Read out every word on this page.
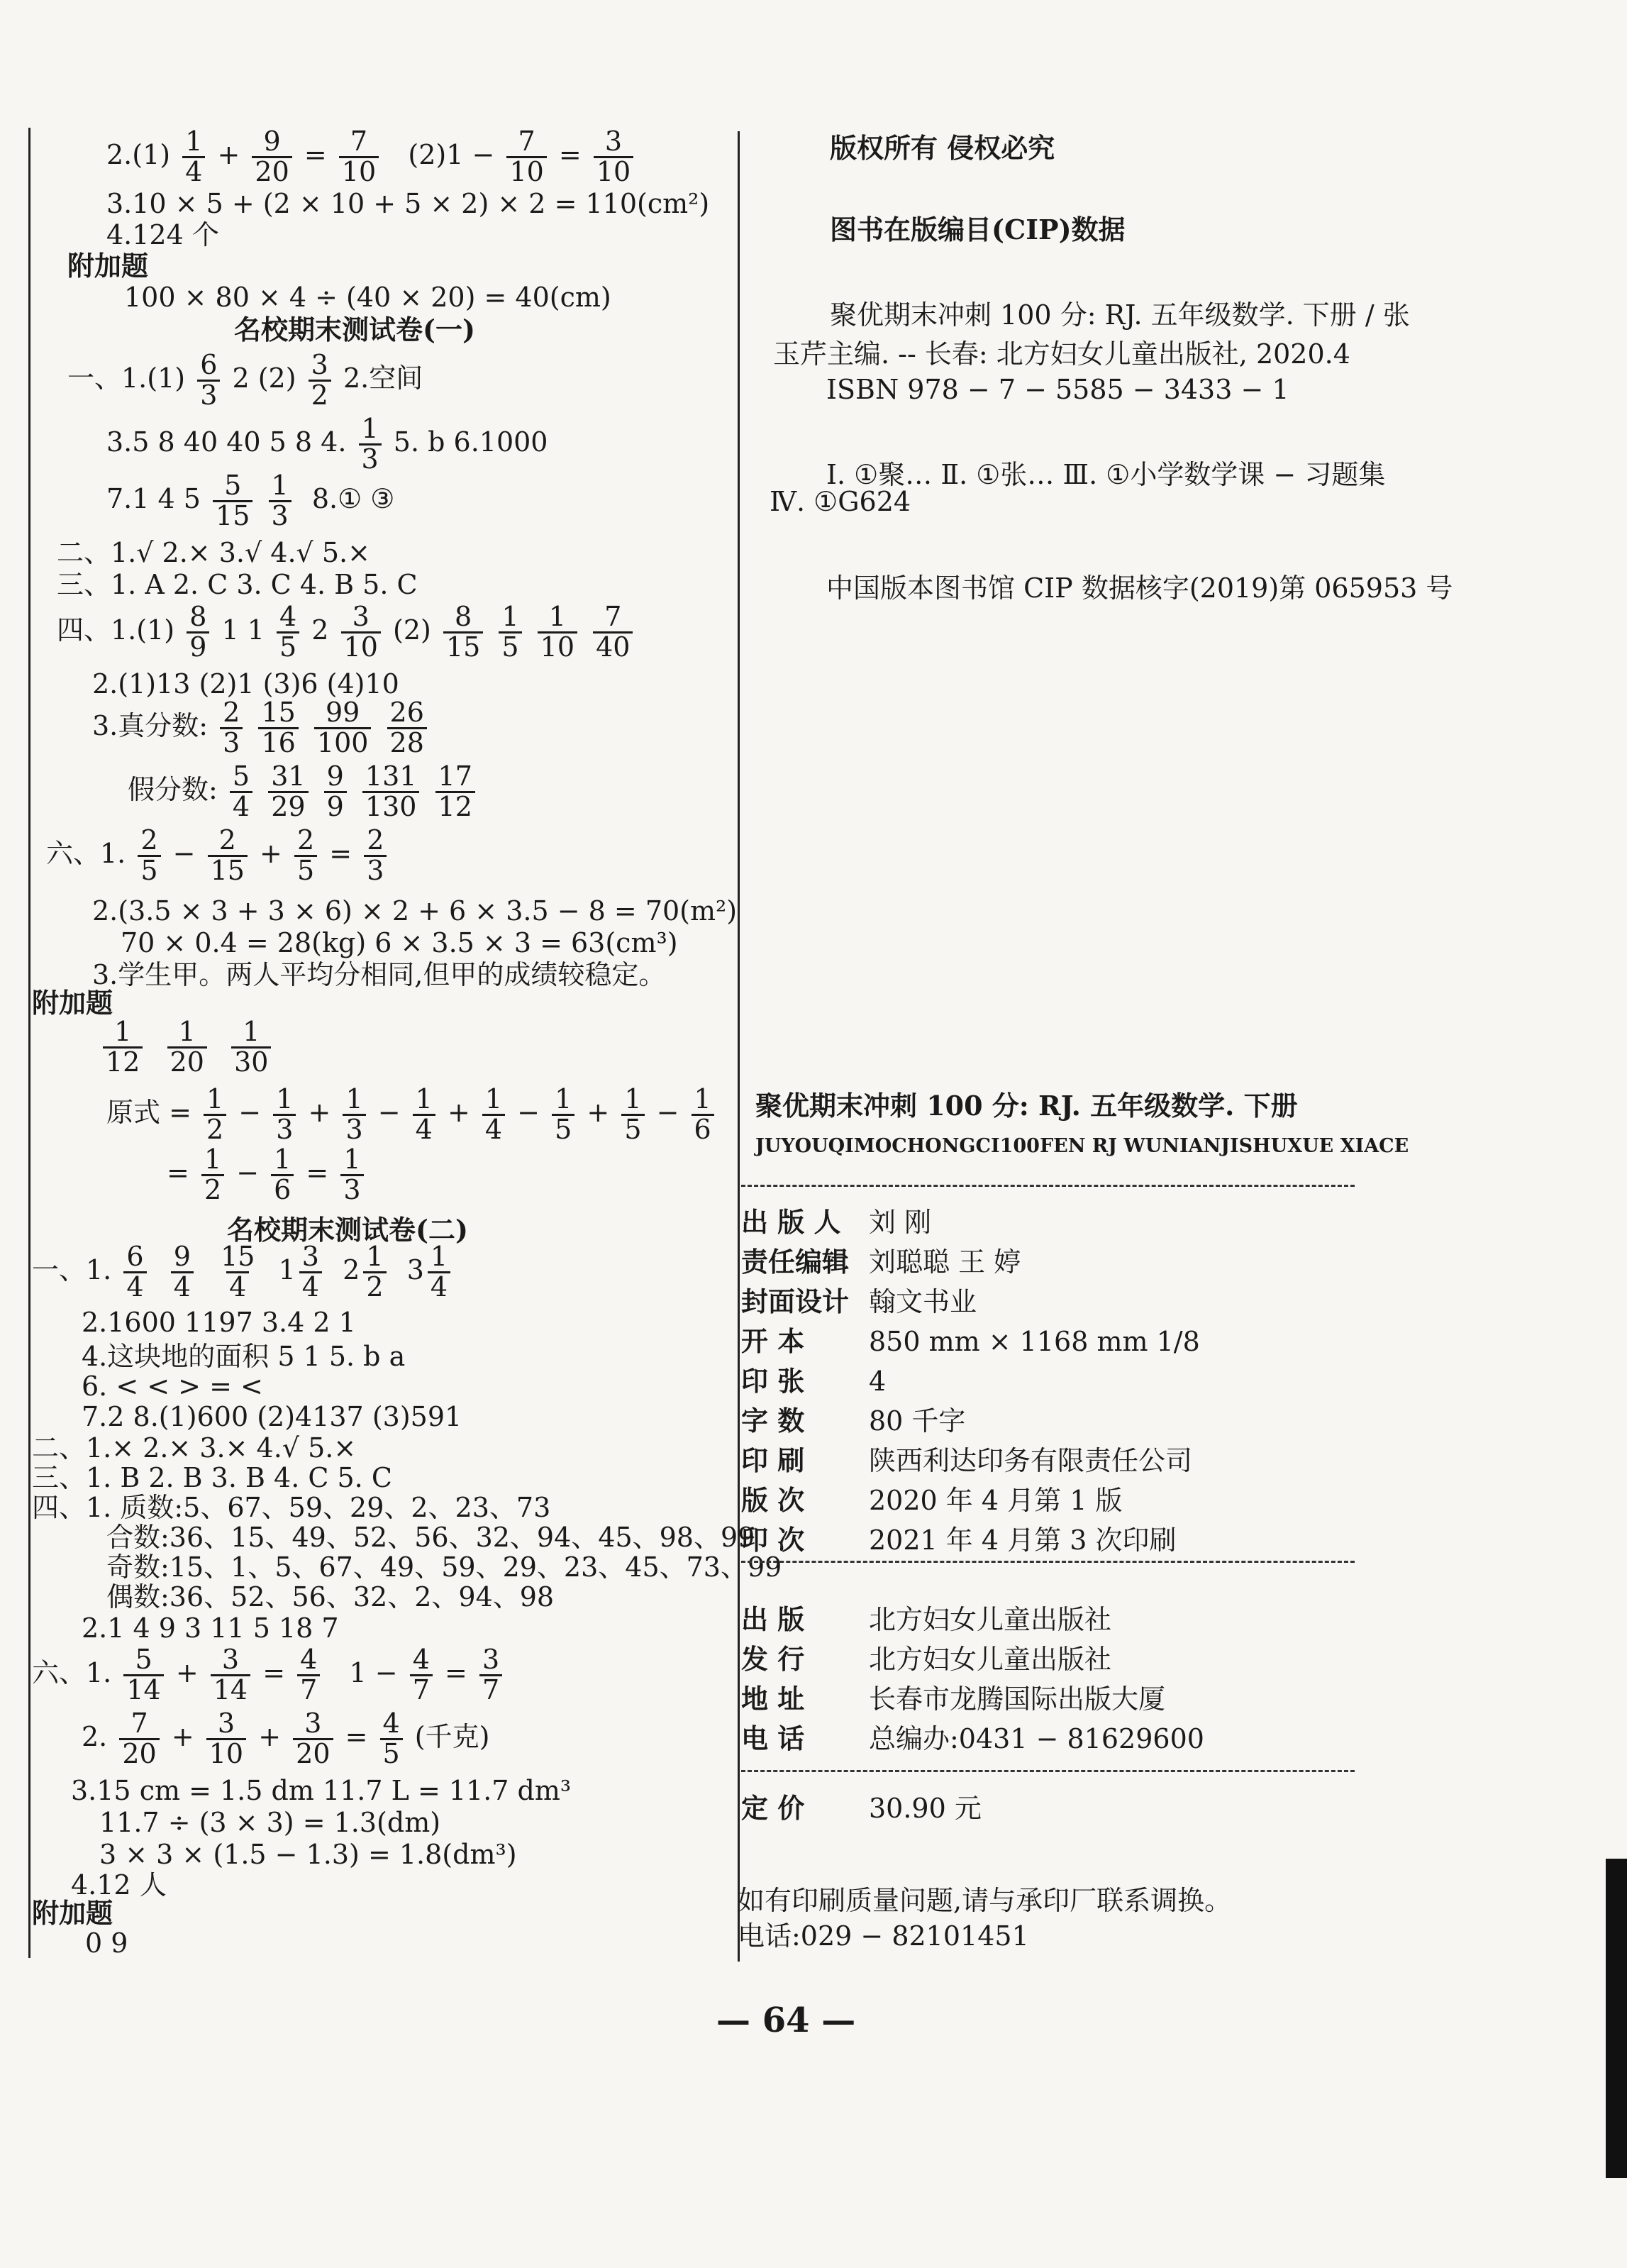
$2.(1) \frac{1}{4} + \frac{9}{20} = \frac{7}{10} (2)1 - \frac{7}{10} = \frac{3}{10}$
3.10 × 5 + (2 × 10 + 5 × 2) × 2 = 110(cm²)
4.124 个
附加题
100 × 80 × 4 ÷ (40 × 20) = 40(cm)
名校期末测试卷(一)
一、$1.(1) \frac{6}{3} 2$ $(2) \frac{3}{2} 2$.空间
3.5 8 40 40 5 8 4. $\frac{1}{3} 5$. b 6.1000
7.1 4 $5 \frac{5}{15}$
$\frac{1}{3}$ 8.① ③
二、1.√ 2.× 3.√ 4.√ 5.×
三、1. A 2. C 3. C 4. B 5. C
四、$1.(1) \frac{8}{9} 1$ $1 \frac{4}{5} 2 \frac{3}{10} (2) \frac{8}{15}$
$\frac{1}{5}$
$\frac{1}{10}$
$\frac{7}{40}$
2.(1)13 (2)1 (3)6 (4)10
3.真分数: $\frac{2}{3}$
$\frac{15}{16}$
$\frac{99}{100}$
$\frac{26}{28}$
假分数: $\frac{5}{4}$
$\frac{31}{29}$
$\frac{9}{9}$
$\frac{131}{130}$
$\frac{17}{12}$
六、1. $\frac{2}{5} - \frac{2}{15} + \frac{2}{5} = \frac{2}{3}$
2.(3.5 × 3 + 3 × 6) × 2 + 6 × 3.5 − 8 = 70(m²)
70 × 0.4 = 28(kg) 6 × 3.5 × 3 = 63(cm³)
3.学生甲。两人平均分相同,但甲的成绩较稳定。
附加题
$\frac{1}{12}$
$\frac{1}{20}$
$\frac{1}{30}$
原式 = $\frac{1}{2} - \frac{1}{3} + \frac{1}{3} - \frac{1}{4} + \frac{1}{4} - \frac{1}{5} + \frac{1}{5} - \frac{1}{6}$
= $\frac{1}{2} - \frac{1}{6} = \frac{1}{3}$
名校期末测试卷(二)
一、1. $\frac{6}{4}$
$\frac{9}{4}$
$\frac{15}{4} 1 \frac{3}{4} 2 \frac{1}{2} 3 \frac{1}{4}$
2.1600 1197 3.4 2 1
4.这块地的面积 5 1 5. b a
6. < < > = <
7.2 8.(1)600 (2)4137 (3)591
二、1.× 2.× 3.× 4.√ 5.×
三、1. B 2. B 3. B 4. C 5. C
四、1. 质数:5、67、59、29、2、23、73
合数:36、15、49、52、56、32、94、45、98、99
奇数:15、1、5、67、49、59、29、23、45、73、99
偶数:36、52、56、32、2、94、98
2.1 4 9 3 11 5 18 7
六、1. $\frac{5}{14} + \frac{3}{14} = \frac{4}{7} 1 - \frac{4}{7} = \frac{3}{7}$
2. $\frac{7}{20} + \frac{3}{10} + \frac{3}{20} = \frac{4}{5}$ (千克)
3.15 cm = 1.5 dm 11.7 L = 11.7 dm³
11.7 ÷ (3 × 3) = 1.3(dm)
3 × 3 × (1.5 − 1.3) = 1.8(dm³)
4.12 人
附加题
0 9
版权所有 侵权必究
图书在版编目(CIP)数据
聚优期末冲刺 100 分: RJ. 五年级数学. 下册 / 张
玉芹主编. -- 长春: 北方妇女儿童出版社, 2020.4
ISBN 978 − 7 − 5585 − 3433 − 1
Ⅰ. ①聚… Ⅱ. ①张… Ⅲ. ①小学数学课 − 习题集
Ⅳ. ①G624
中国版本图书馆 CIP 数据核字(2019)第 065953 号
聚优期末冲刺 100 分: RJ. 五年级数学. 下册
JUYOUQIMOCHONGCI100FEN RJ WUNIANJISHUXUE XIACE
出 版 人 刘 刚
责任编辑 刘聪聪 王 婷
封面设计 翰文书业
开 本 850 mm × 1168 mm 1/8
印 张 4
字 数 80 千字
印 刷 陕西利达印务有限责任公司
版 次 2020 年 4 月第 1 版
印 次 2021 年 4 月第 3 次印刷
出 版 北方妇女儿童出版社
发 行 北方妇女儿童出版社
地 址 长春市龙腾国际出版大厦
电 话 总编办:0431 − 81629600
定 价 30.90 元
如有印刷质量问题,请与承印厂联系调换。
电话:029 − 82101451
— 64 —
